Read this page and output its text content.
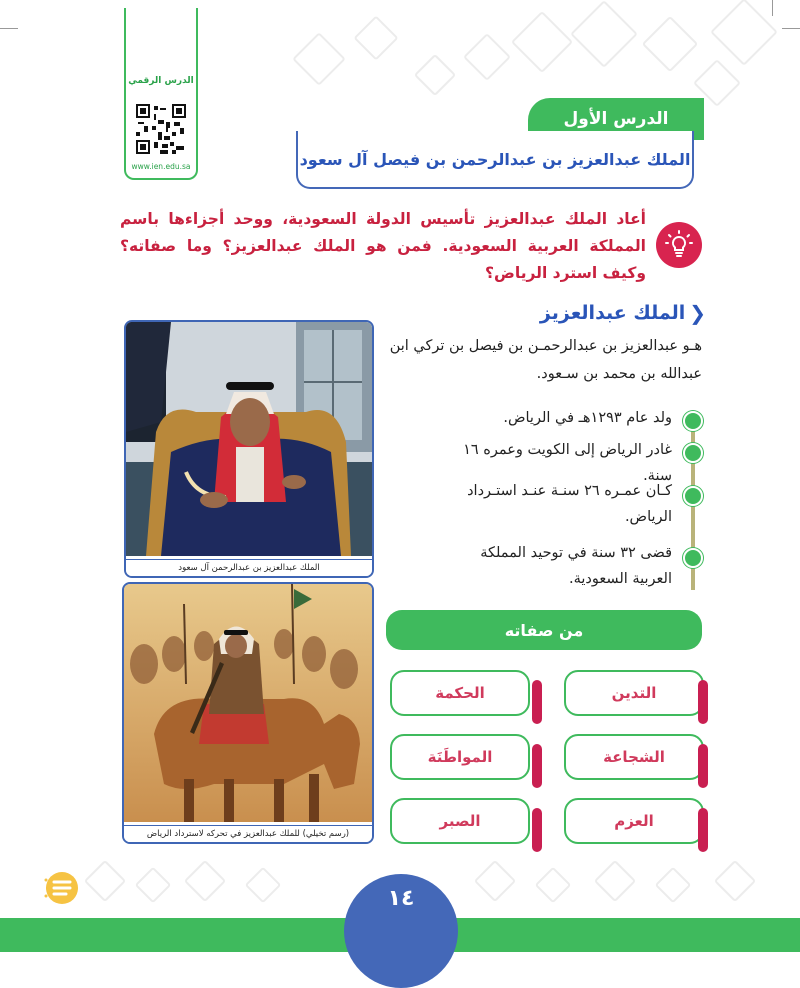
الدرس الرقمي
www.ien.edu.sa
الدرس الأول
الملك عبدالعزيز بن عبدالرحمن بن فيصل آل سعود
أعاد الملك عبدالعزيز تأسيس الدولة السعودية، ووحد أجزاءها باسم المملكة العربية السعودية. فمن هو الملك عبدالعزيز؟ وما صفاته؟ وكيف استرد الرياض؟
❮
الملك عبدالعزيز
هـو عبدالعزيز بن عبدالرحمـن بن فيصل بن تركي ابن عبدالله بن محمد بن سـعود.
ولد عام ١٢٩٣هـ في الرياض.
غادر الرياض إلى الكويت وعمره ١٦ سنة.
كـان عمـره ٢٦ سنـة عنـد استـرداد الرياض.
قضى ٣٢ سنة في توحيد المملكة العربية السعودية.
الملك عبدالعزيز بن عبدالرحمن آل سعود
(رسم تخيلي) للملك عبدالعزيز في تحركه لاسترداد الرياض
من صفاته
التدين
الحكمة
الشجاعة
المواطَنَة
العزم
الصبر
١٤
